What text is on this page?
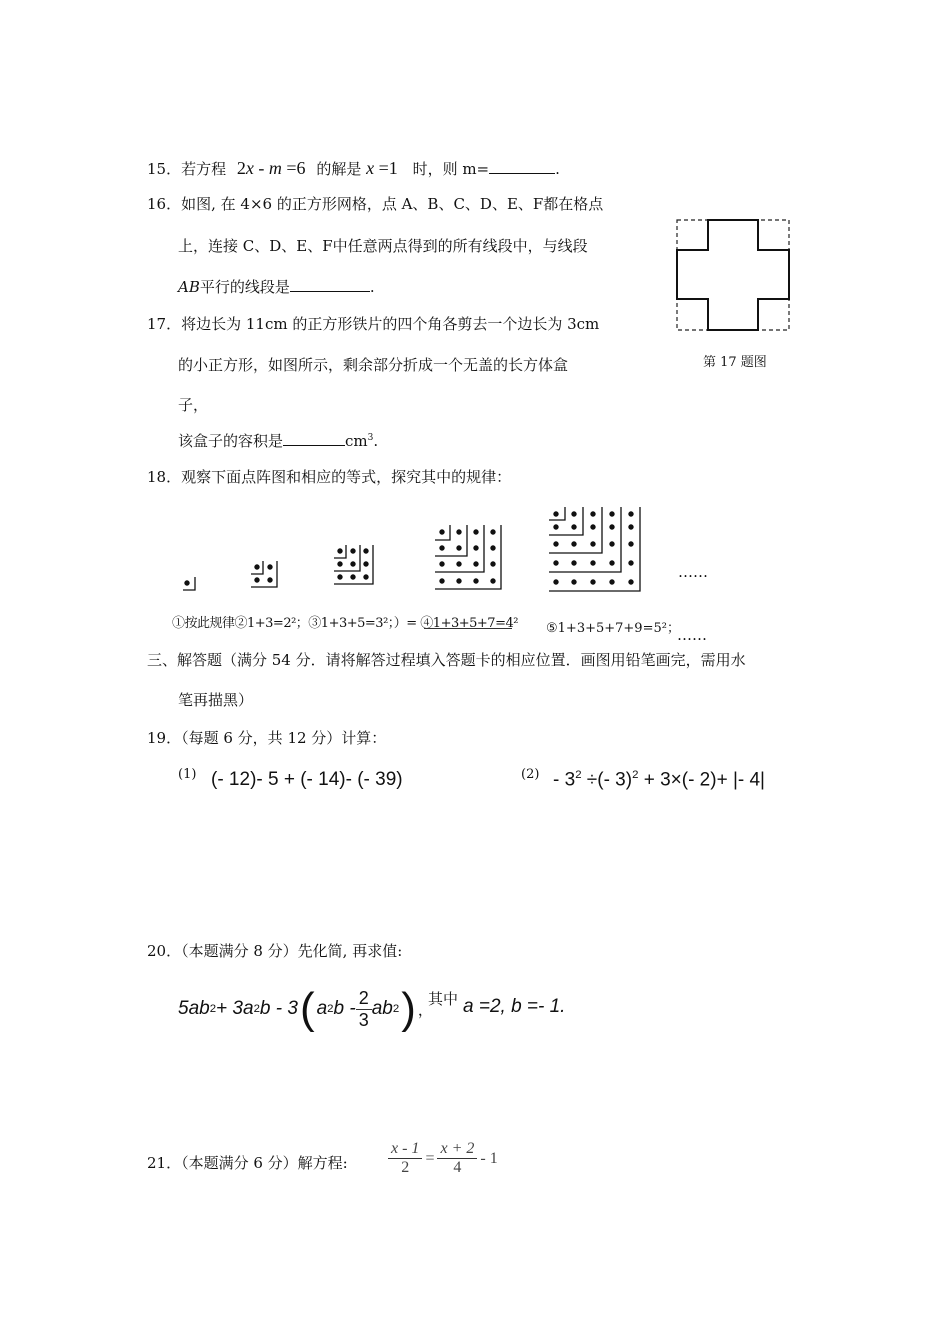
15．若方程 2x - m =6 的解是 x =1 时，则 m=	.
16．如图, 在 4×6 的正方形网格，点 A、B、C、D、E、F都在格点
上，连接 C、D、E、F中任意两点得到的所有线段中，与线段
AB平行的线段是	.
第 17 题图
17．将边长为 11cm 的正方形铁片的四个角各剪去一个边长为 3cm
的小正方形，如图所示，剩余部分折成一个无盖的长方体盒
子，
该盒子的容积是	$cm^3$.
18．观察下面点阵图和相应的等式，探究其中的规律：
……
①按此规律②1+3=2²；③1+3+5=3²；）= ④1+3+5+7=4² ⑤1+3+5+7+9=5²；
……
三、解答题（满分 54 分．请将解答过程填入答题卡的相应位置．画图用铅笔画完，需用水
笔再描黑）
19．（每题 6 分，共 12 分）计算：
(1) (- 12)- 5 + (- 14)- (- 39)	$(2) - 3^2$ ÷(- 3)$^2$ + 3×(- 2)+ |- 4|
20．（本题满分 8 分）先化简, 再求值:
5ab 2 + 3a 2 b - 3 ( a 2 b - $\frac{2}{3}$ ab 2 ) ，
其中 a =2, b =- 1.
21．（本题满分 6 分）解方程:	$\frac{x - 1}{2} = \frac{x + 2}{4} - 1$
